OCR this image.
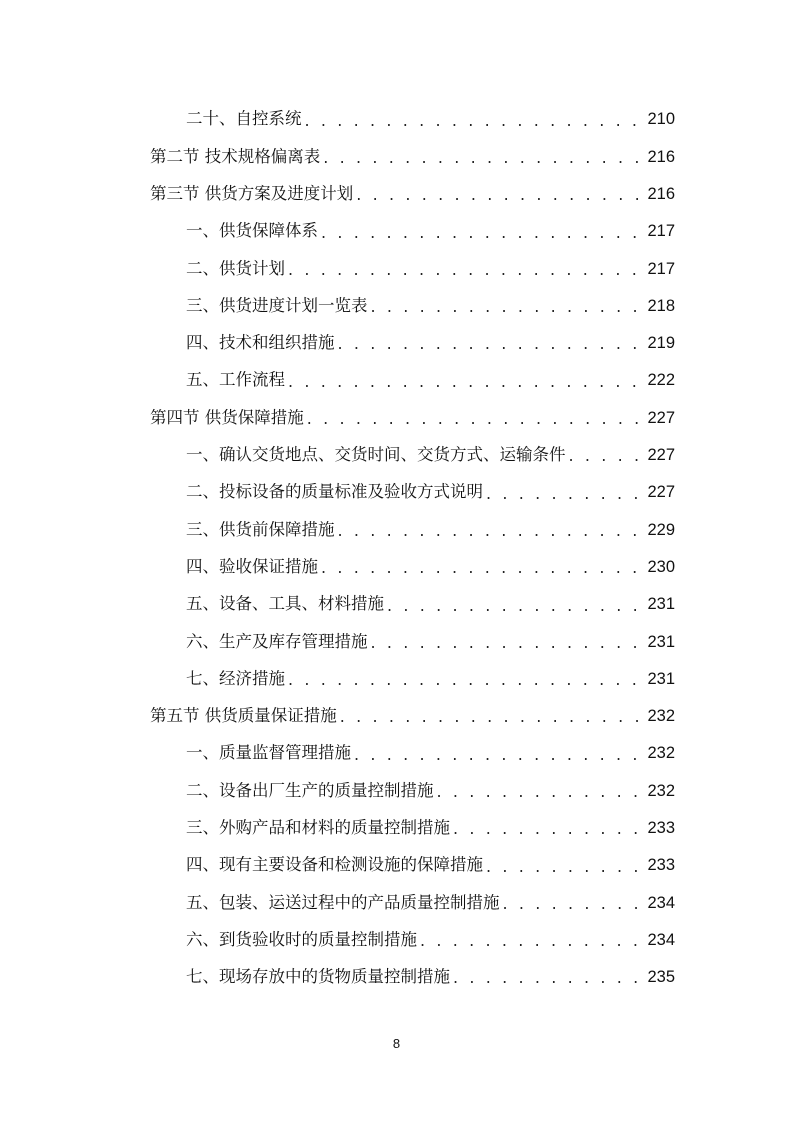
二十、自控系统 . . .	210
第二节 技术规格偏离表 . . .	216
第三节 供货方案及进度计划 . . .	216
一、供货保障体系 . . .	217
二、供货计划 . . .	217
三、供货进度计划一览表 . . .	218
四、技术和组织措施 . . .	219
五、工作流程 . . .	222
第四节 供货保障措施 . . .	227
一、确认交货地点、交货时间、交货方式、运输条件 . . .	227
二、投标设备的质量标准及验收方式说明 . . .	227
三、供货前保障措施 . . .	229
四、验收保证措施 . . .	230
五、设备、工具、材料措施 . . .	231
六、生产及库存管理措施 . . .	231
七、经济措施 . . .	231
第五节 供货质量保证措施 . . .	232
一、质量监督管理措施 . . .	232
二、设备出厂生产的质量控制措施 . . .	232
三、外购产品和材料的质量控制措施 . . .	233
四、现有主要设备和检测设施的保障措施 . . .	233
五、包装、运送过程中的产品质量控制措施 . . .	234
六、到货验收时的质量控制措施 . . .	234
七、现场存放中的货物质量控制措施 . . .	235
8
